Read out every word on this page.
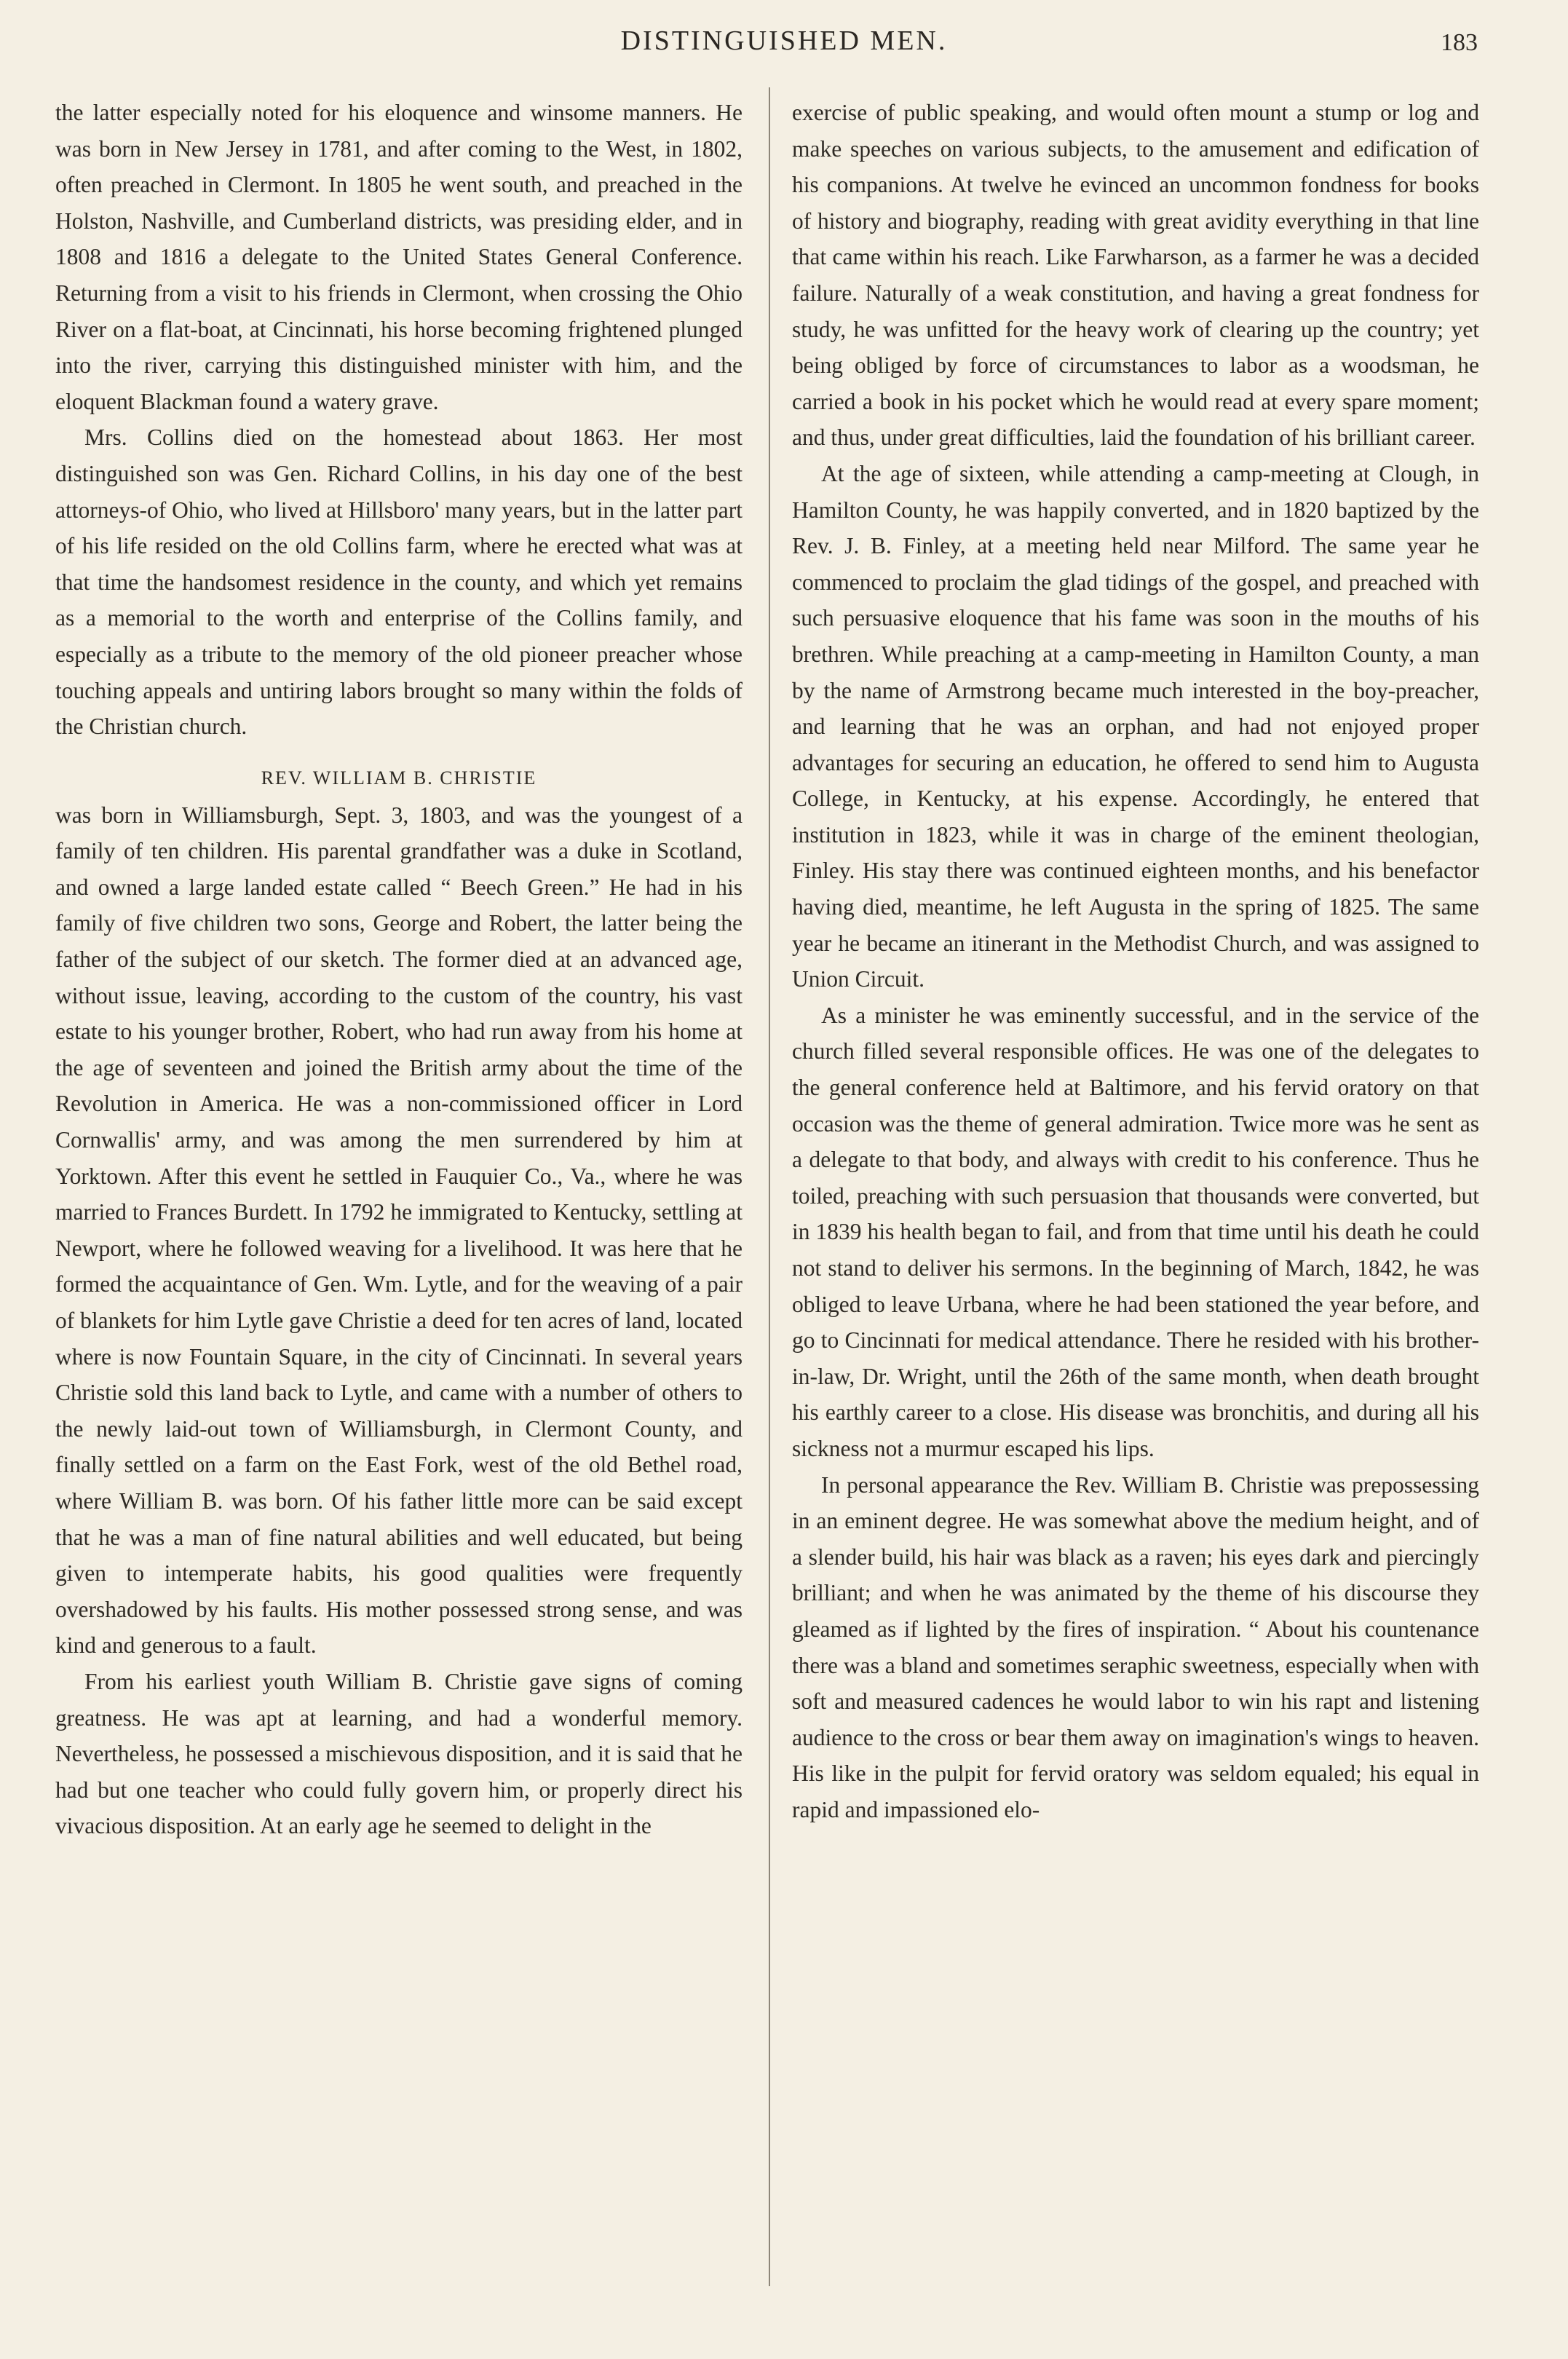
DISTINGUISHED MEN.	183

the latter especially noted for his eloquence and winsome manners. He was born in New Jersey in 1781, and after coming to the West, in 1802, often preached in Clermont. In 1805 he went south, and preached in the Holston, Nashville, and Cumberland districts, was presiding elder, and in 1808 and 1816 a delegate to the United States General Conference. Returning from a visit to his friends in Clermont, when crossing the Ohio River on a flat-boat, at Cincinnati, his horse becoming frightened plunged into the river, carrying this distinguished minister with him, and the eloquent Blackman found a watery grave.

Mrs. Collins died on the homestead about 1863. Her most distinguished son was Gen. Richard Collins, in his day one of the best attorneys-of Ohio, who lived at Hillsboro' many years, but in the latter part of his life resided on the old Collins farm, where he erected what was at that time the handsomest residence in the county, and which yet remains as a memorial to the worth and enterprise of the Collins family, and especially as a tribute to the memory of the old pioneer preacher whose touching appeals and untiring labors brought so many within the folds of the Christian church.

REV. WILLIAM B. CHRISTIE

was born in Williamsburgh, Sept. 3, 1803, and was the youngest of a family of ten children. His parental grandfather was a duke in Scotland, and owned a large landed estate called “ Beech Green.” He had in his family of five children two sons, George and Robert, the latter being the father of the subject of our sketch. The former died at an advanced age, without issue, leaving, according to the custom of the country, his vast estate to his younger brother, Robert, who had run away from his home at the age of seventeen and joined the British army about the time of the Revolution in America. He was a non-commissioned officer in Lord Cornwallis' army, and was among the men surrendered by him at Yorktown. After this event he settled in Fauquier Co., Va., where he was married to Frances Burdett. In 1792 he immigrated to Kentucky, settling at Newport, where he followed weaving for a livelihood. It was here that he formed the acquaintance of Gen. Wm. Lytle, and for the weaving of a pair of blankets for him Lytle gave Christie a deed for ten acres of land, located where is now Fountain Square, in the city of Cincinnati. In several years Christie sold this land back to Lytle, and came with a number of others to the newly laid-out town of Williamsburgh, in Clermont County, and finally settled on a farm on the East Fork, west of the old Bethel road, where William B. was born. Of his father little more can be said except that he was a man of fine natural abilities and well educated, but being given to intemperate habits, his good qualities were frequently overshadowed by his faults. His mother possessed strong sense, and was kind and generous to a fault.

From his earliest youth William B. Christie gave signs of coming greatness. He was apt at learning, and had a wonderful memory. Nevertheless, he possessed a mischievous disposition, and it is said that he had but one teacher who could fully govern him, or properly direct his vivacious disposition. At an early age he seemed to delight in the

exercise of public speaking, and would often mount a stump or log and make speeches on various subjects, to the amusement and edification of his companions. At twelve he evinced an uncommon fondness for books of history and biography, reading with great avidity everything in that line that came within his reach. Like Farwharson, as a farmer he was a decided failure. Naturally of a weak constitution, and having a great fondness for study, he was unfitted for the heavy work of clearing up the country; yet being obliged by force of circumstances to labor as a woodsman, he carried a book in his pocket which he would read at every spare moment; and thus, under great difficulties, laid the foundation of his brilliant career.

At the age of sixteen, while attending a camp-meeting at Clough, in Hamilton County, he was happily converted, and in 1820 baptized by the Rev. J. B. Finley, at a meeting held near Milford. The same year he commenced to proclaim the glad tidings of the gospel, and preached with such persuasive eloquence that his fame was soon in the mouths of his brethren. While preaching at a camp-meeting in Hamilton County, a man by the name of Armstrong became much interested in the boy-preacher, and learning that he was an orphan, and had not enjoyed proper advantages for securing an education, he offered to send him to Augusta College, in Kentucky, at his expense. Accordingly, he entered that institution in 1823, while it was in charge of the eminent theologian, Finley. His stay there was continued eighteen months, and his benefactor having died, meantime, he left Augusta in the spring of 1825. The same year he became an itinerant in the Methodist Church, and was assigned to Union Circuit.

As a minister he was eminently successful, and in the service of the church filled several responsible offices. He was one of the delegates to the general conference held at Baltimore, and his fervid oratory on that occasion was the theme of general admiration. Twice more was he sent as a delegate to that body, and always with credit to his conference. Thus he toiled, preaching with such persuasion that thousands were converted, but in 1839 his health began to fail, and from that time until his death he could not stand to deliver his sermons. In the beginning of March, 1842, he was obliged to leave Urbana, where he had been stationed the year before, and go to Cincinnati for medical attendance. There he resided with his brother-in-law, Dr. Wright, until the 26th of the same month, when death brought his earthly career to a close. His disease was bronchitis, and during all his sickness not a murmur escaped his lips.

In personal appearance the Rev. William B. Christie was prepossessing in an eminent degree. He was somewhat above the medium height, and of a slender build, his hair was black as a raven; his eyes dark and piercingly brilliant; and when he was animated by the theme of his discourse they gleamed as if lighted by the fires of inspiration. “ About his countenance there was a bland and sometimes seraphic sweetness, especially when with soft and measured cadences he would labor to win his rapt and listening audience to the cross or bear them away on imagination's wings to heaven. His like in the pulpit for fervid oratory was seldom equaled; his equal in rapid and impassioned elo-
